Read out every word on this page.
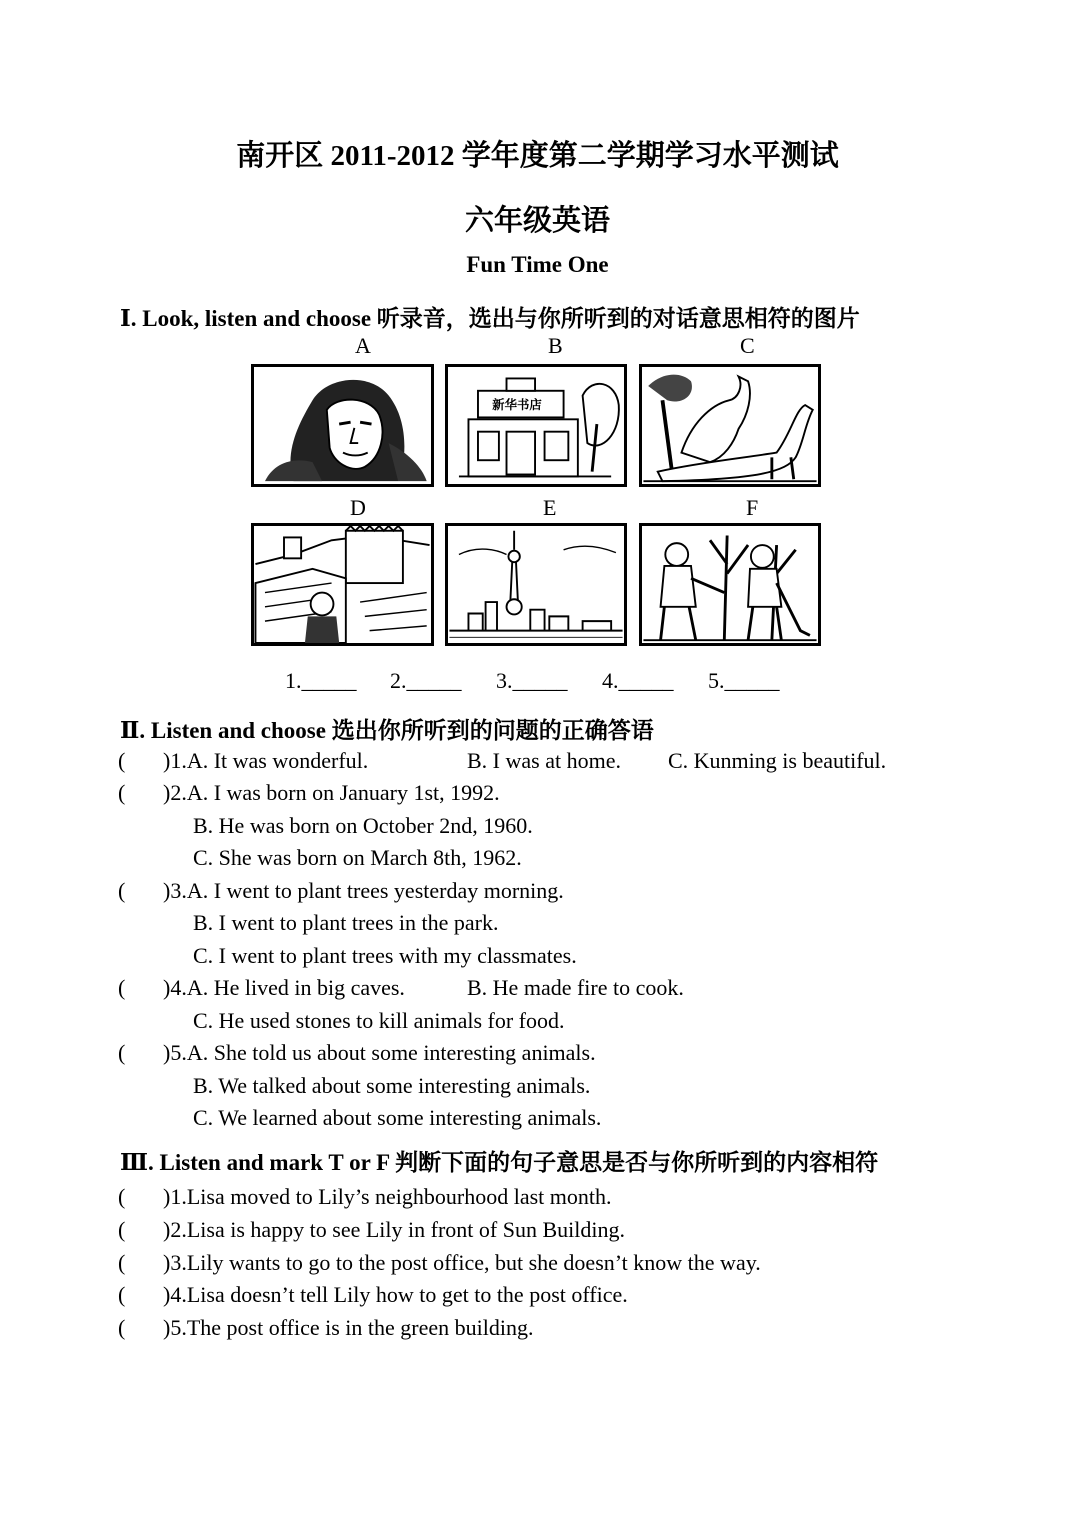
南开区 2011-2012 学年度第二学期学习水平测试
六年级英语
Fun Time One
Ⅰ. Look, listen and choose 听录音，选出与你所听到的对话意思相符的图片
A	B	C
新华书店
D	E	F
1._____ 2._____ 3._____ 4._____ 5._____
Ⅱ. Listen and choose 选出你所听到的问题的正确答语
( )1.A. It was wonderful.	B. I was at home. C. Kunming is beautiful.
( )2.A. I was born on January 1st, 1992.
B. He was born on October 2nd, 1960.
C. She was born on March 8th, 1962.
( )3.A. I went to plant trees yesterday morning.
B. I went to plant trees in the park.
C. I went to plant trees with my classmates.
( )4.A. He lived in big caves.	B. He made fire to cook.
C. He used stones to kill animals for food.
( )5.A. She told us about some interesting animals.
B. We talked about some interesting animals.
C. We learned about some interesting animals.
Ⅲ. Listen and mark T or F 判断下面的句子意思是否与你所听到的内容相符
( )1.Lisa moved to Lily’s neighbourhood last month.
( )2.Lisa is happy to see Lily in front of Sun Building.
( )3.Lily wants to go to the post office, but she doesn’t know the way.
( )4.Lisa doesn’t tell Lily how to get to the post office.
( )5.The post office is in the green building.
